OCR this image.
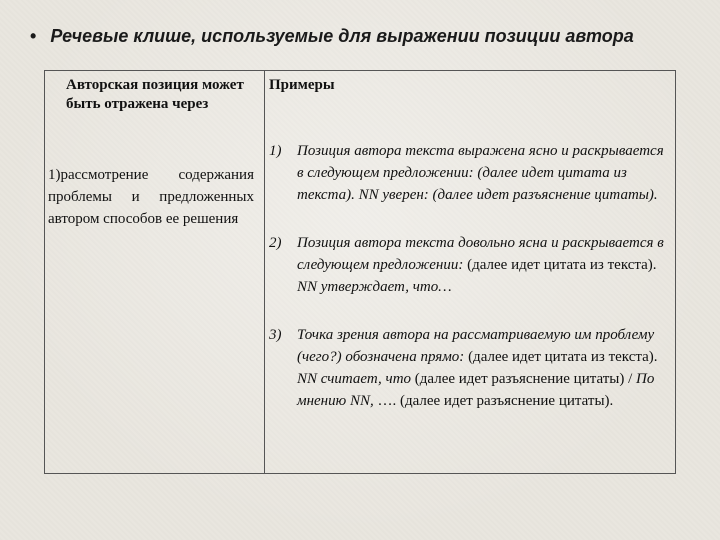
• Речевые клише, используемые для выражении позиции автора
Авторская позиция может быть отражена через
Примеры
1)рассмотрение содержания проблемы и предложенных автором способов ее решения
1) Позиция автора текста выражена ясно и раскрывается в следующем предложении: (далее идет цитата из текста). NN уверен: (далее идет разъяснение цитаты).
2) Позиция автора текста довольно ясна и раскрывается в следующем предложении: (далее идет цитата из текста). NN утверждает, что…
3) Точка зрения автора на рассматриваемую им проблему (чего?) обозначена прямо: (далее идет цитата из текста). NN считает, что (далее идет разъяснение цитаты) / По мнению NN, …. (далее идет разъяснение цитаты).
